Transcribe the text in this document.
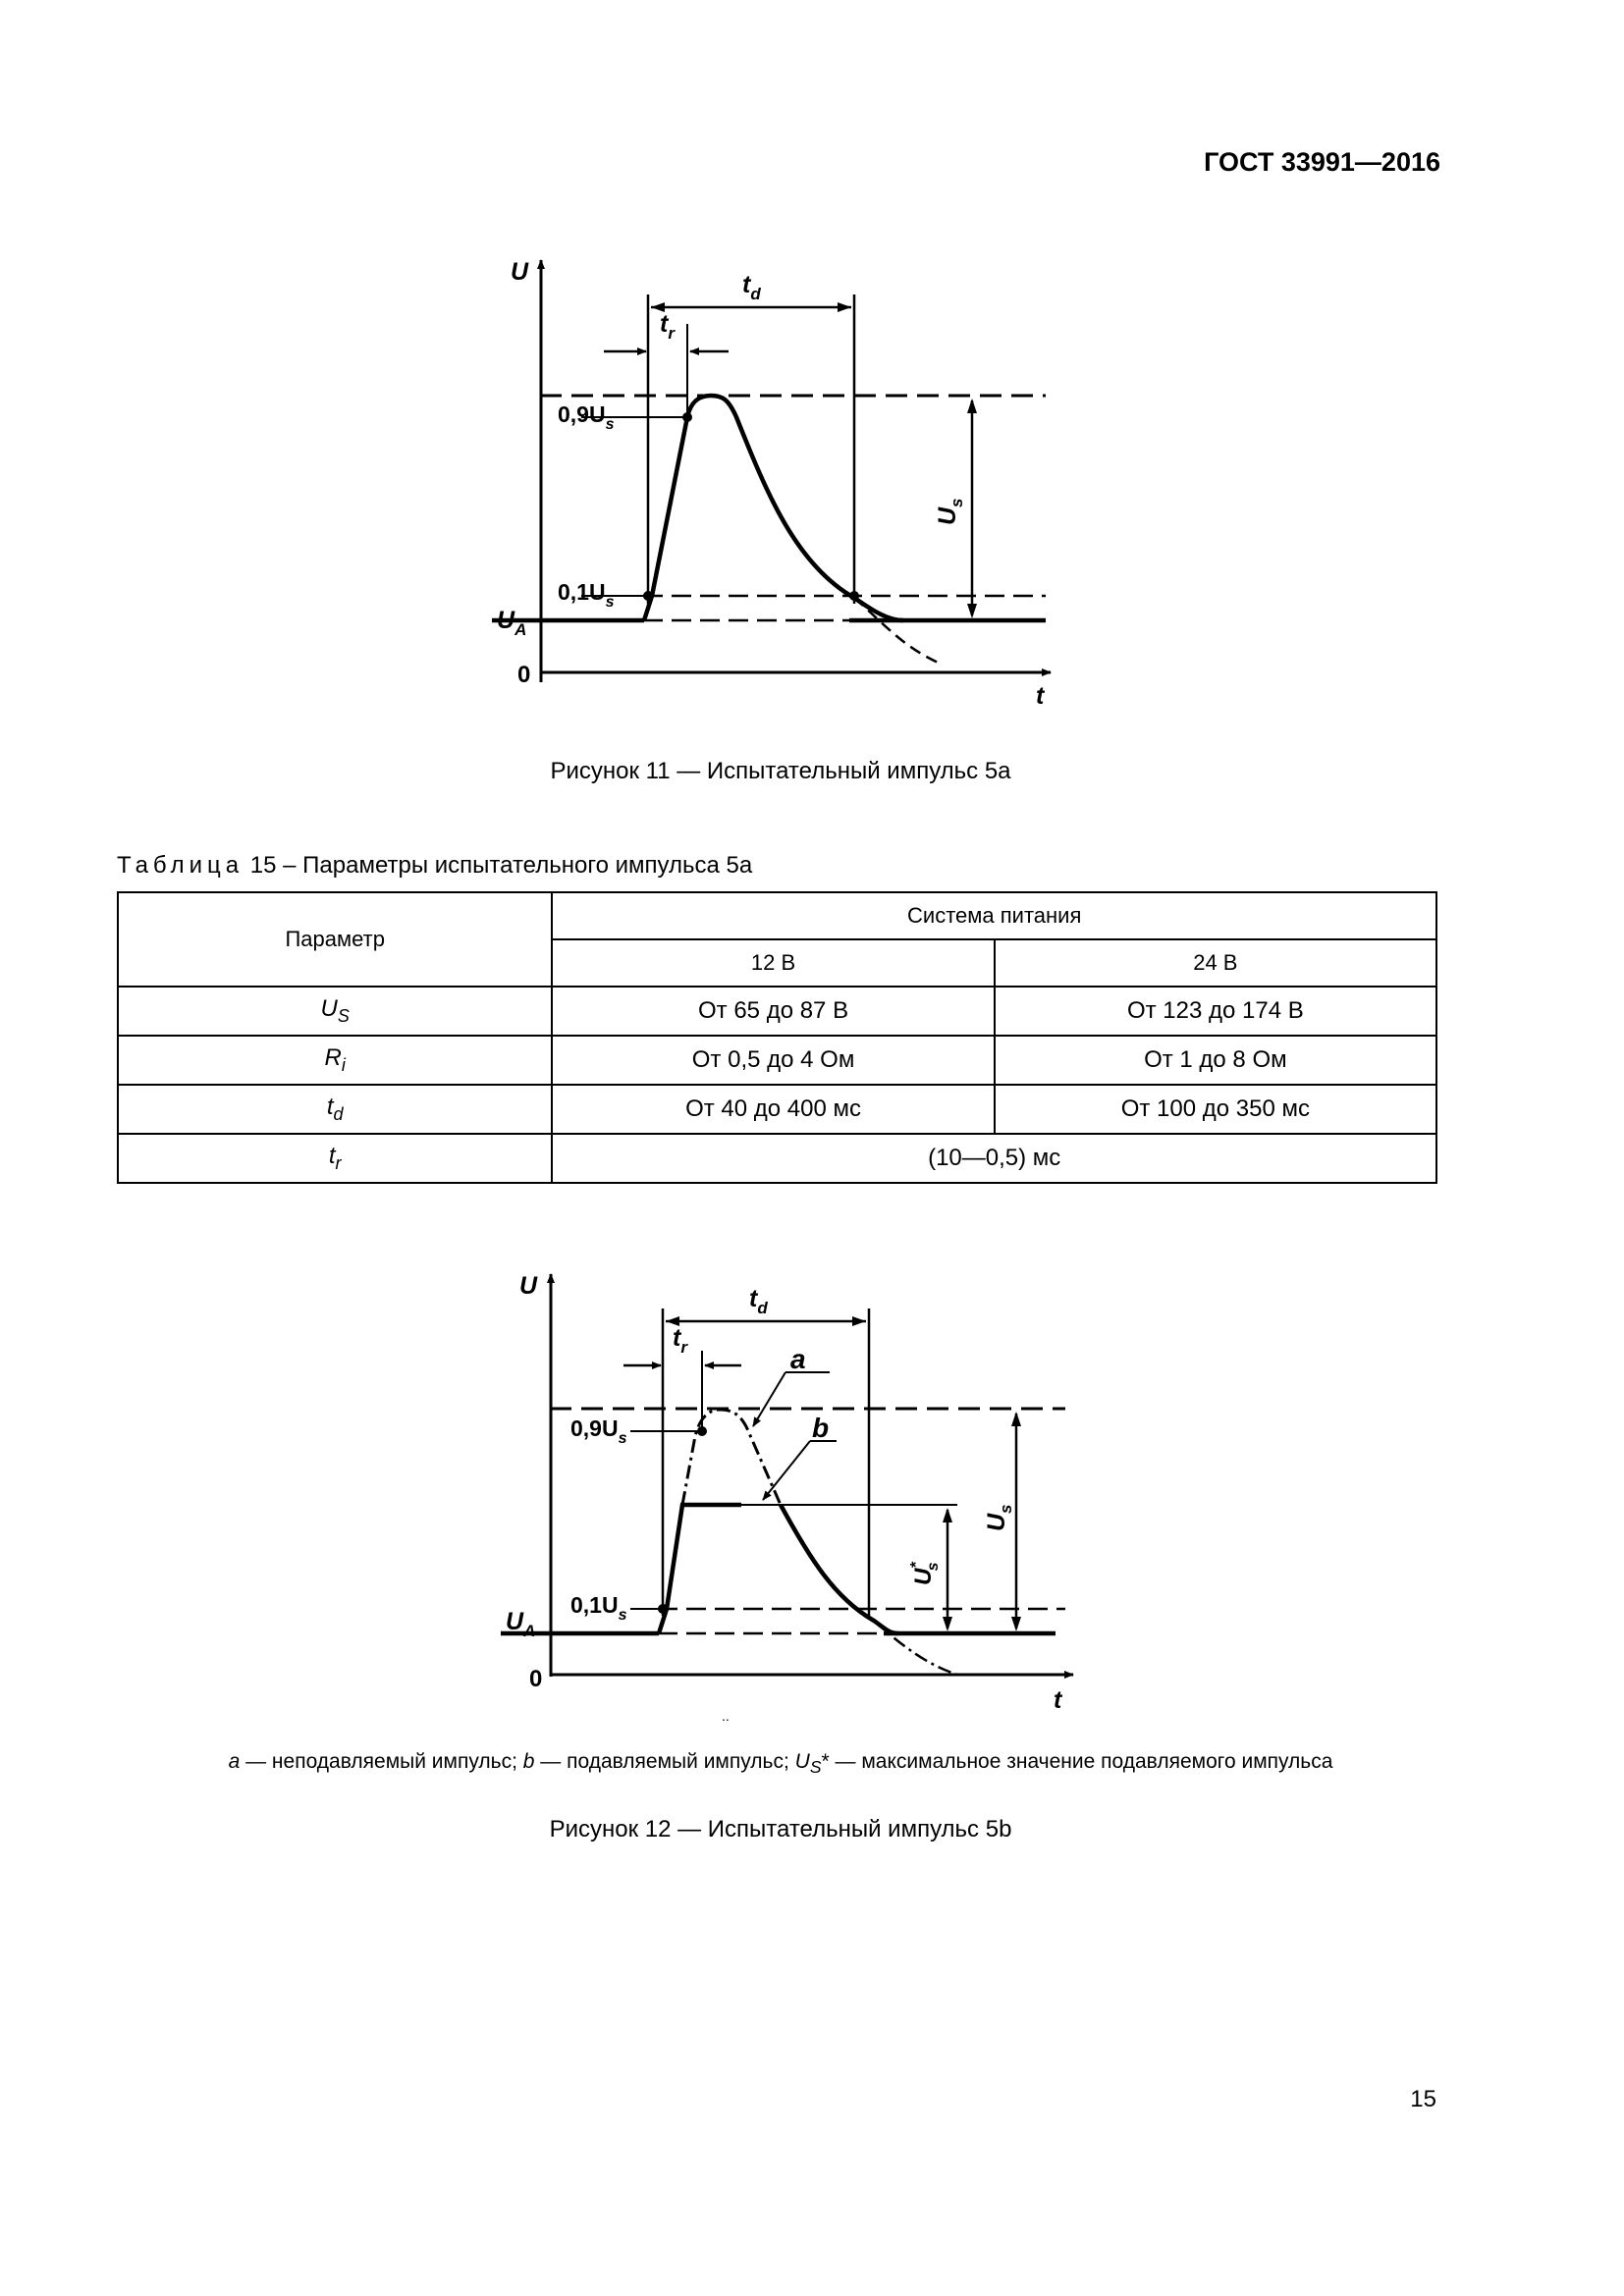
ГОСТ 33991—2016
U
t
0
$U_A$
$t_d$
$t_r$
$0,9U_s$
$0,1U_s$
$U_s$
Рисунок 11 — Испытательный импульс 5а
Таблица 15 – Параметры испытательного импульса 5а
Параметр	Система питания	
	12 В	24 В
$U_S$	От 65 до 87 В	От 123 до 174 В
$R_i$	От 0,5 до 4 Ом	От 1 до 8 Ом
$t_d$	От 40 до 400 мс	От 100 до 350 мс
$t_r$	(10—0,5) мс	
U
t
0
$U_A$
$t_d$
$t_r$	a
b
$0,9U_s$
$0,1U_s$
U*s
$U_s$
..
a — неподавляемый импульс; b — подавляемый импульс; $U_S*$ — максимальное значение подавляемого импульса
Рисунок 12 — Испытательный импульс 5b
15
